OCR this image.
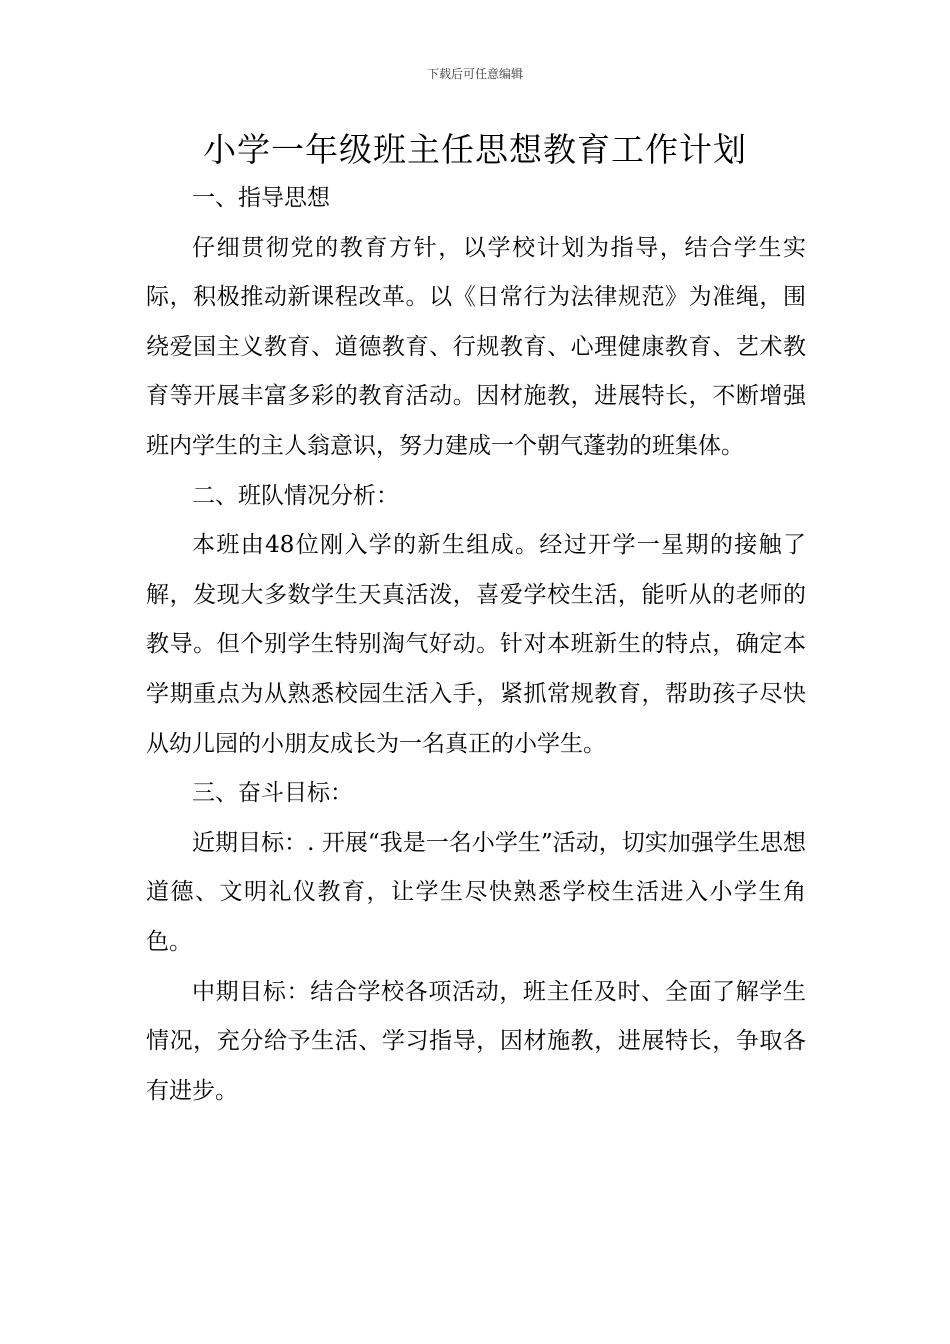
下载后可任意编辑
小学一年级班主任思想教育工作计划

一、指导思想

仔细贯彻党的教育方针，以学校计划为指导，结合学生实际，积极推动新课程改革。以《日常行为法律规范》为准绳，围绕爱国主义教育、道德教育、行规教育、心理健康教育、艺术教育等开展丰富多彩的教育活动。因材施教，进展特长，不断增强班内学生的主人翁意识，努力建成一个朝气蓬勃的班集体。

二、班队情况分析：

本班由48位刚入学的新生组成。经过开学一星期的接触了解，发现大多数学生天真活泼，喜爱学校生活，能听从的老师的教导。但个别学生特别淘气好动。针对本班新生的特点，确定本学期重点为从熟悉校园生活入手，紧抓常规教育，帮助孩子尽快从幼儿园的小朋友成长为一名真正的小学生。

三、奋斗目标：

近期目标：. 开展“我是一名小学生”活动，切实加强学生思想道德、文明礼仪教育，让学生尽快熟悉学校生活进入小学生角色。

中期目标：结合学校各项活动，班主任及时、全面了解学生情况，充分给予生活、学习指导，因材施教，进展特长，争取各有进步。
